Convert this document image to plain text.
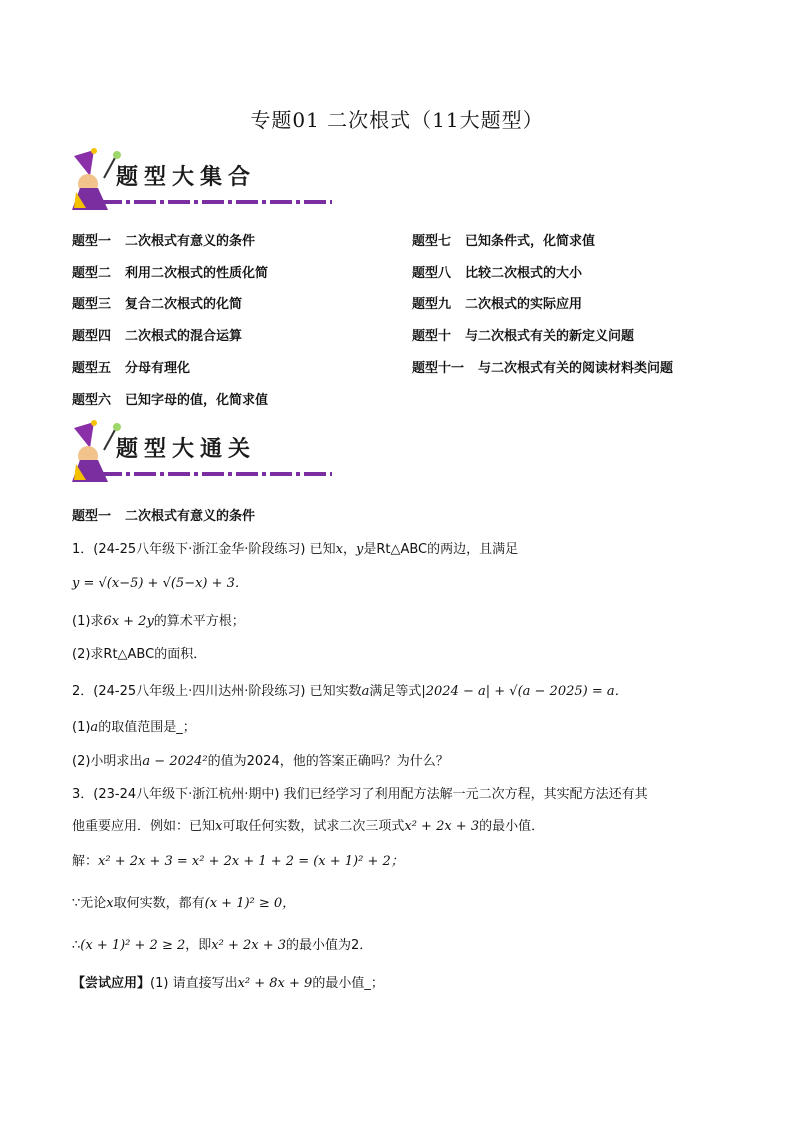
专题01 二次根式（11大题型）
题型大集合
题型一 二次根式有意义的条件
题型二 利用二次根式的性质化简
题型三 复合二次根式的化简
题型四 二次根式的混合运算
题型五 分母有理化
题型六 已知字母的值，化简求值
题型七 已知条件式，化简求值
题型八 比较二次根式的大小
题型九 二次根式的实际应用
题型十 与二次根式有关的新定义问题
题型十一 与二次根式有关的阅读材料类问题
题型大通关
题型一 二次根式有意义的条件
1．(24-25八年级下·浙江金华·阶段练习) 已知x，y是Rt△ABC的两边，且满足
y = √(x−5) + √(5−x) + 3．
(1)求6x + 2y的算术平方根；
(2)求Rt△ABC的面积．
2．(24-25八年级上·四川达州·阶段练习) 已知实数a满足等式|2024 − a| + √(a − 2025) = a．
(1)a的取值范围是_；
(2)小明求出a − 2024²的值为2024，他的答案正确吗？为什么？
3．(23-24八年级下·浙江杭州·期中) 我们已经学习了利用配方法解一元二次方程，其实配方法还有其
他重要应用．例如：已知x可取任何实数，试求二次三项式x² + 2x + 3的最小值．
解：x² + 2x + 3 = x² + 2x + 1 + 2 = (x + 1)² + 2；
∵无论x取何实数，都有(x + 1)² ≥ 0，
∴(x + 1)² + 2 ≥ 2，即x² + 2x + 3的最小值为2．
【尝试应用】(1) 请直接写出x² + 8x + 9的最小值_；
